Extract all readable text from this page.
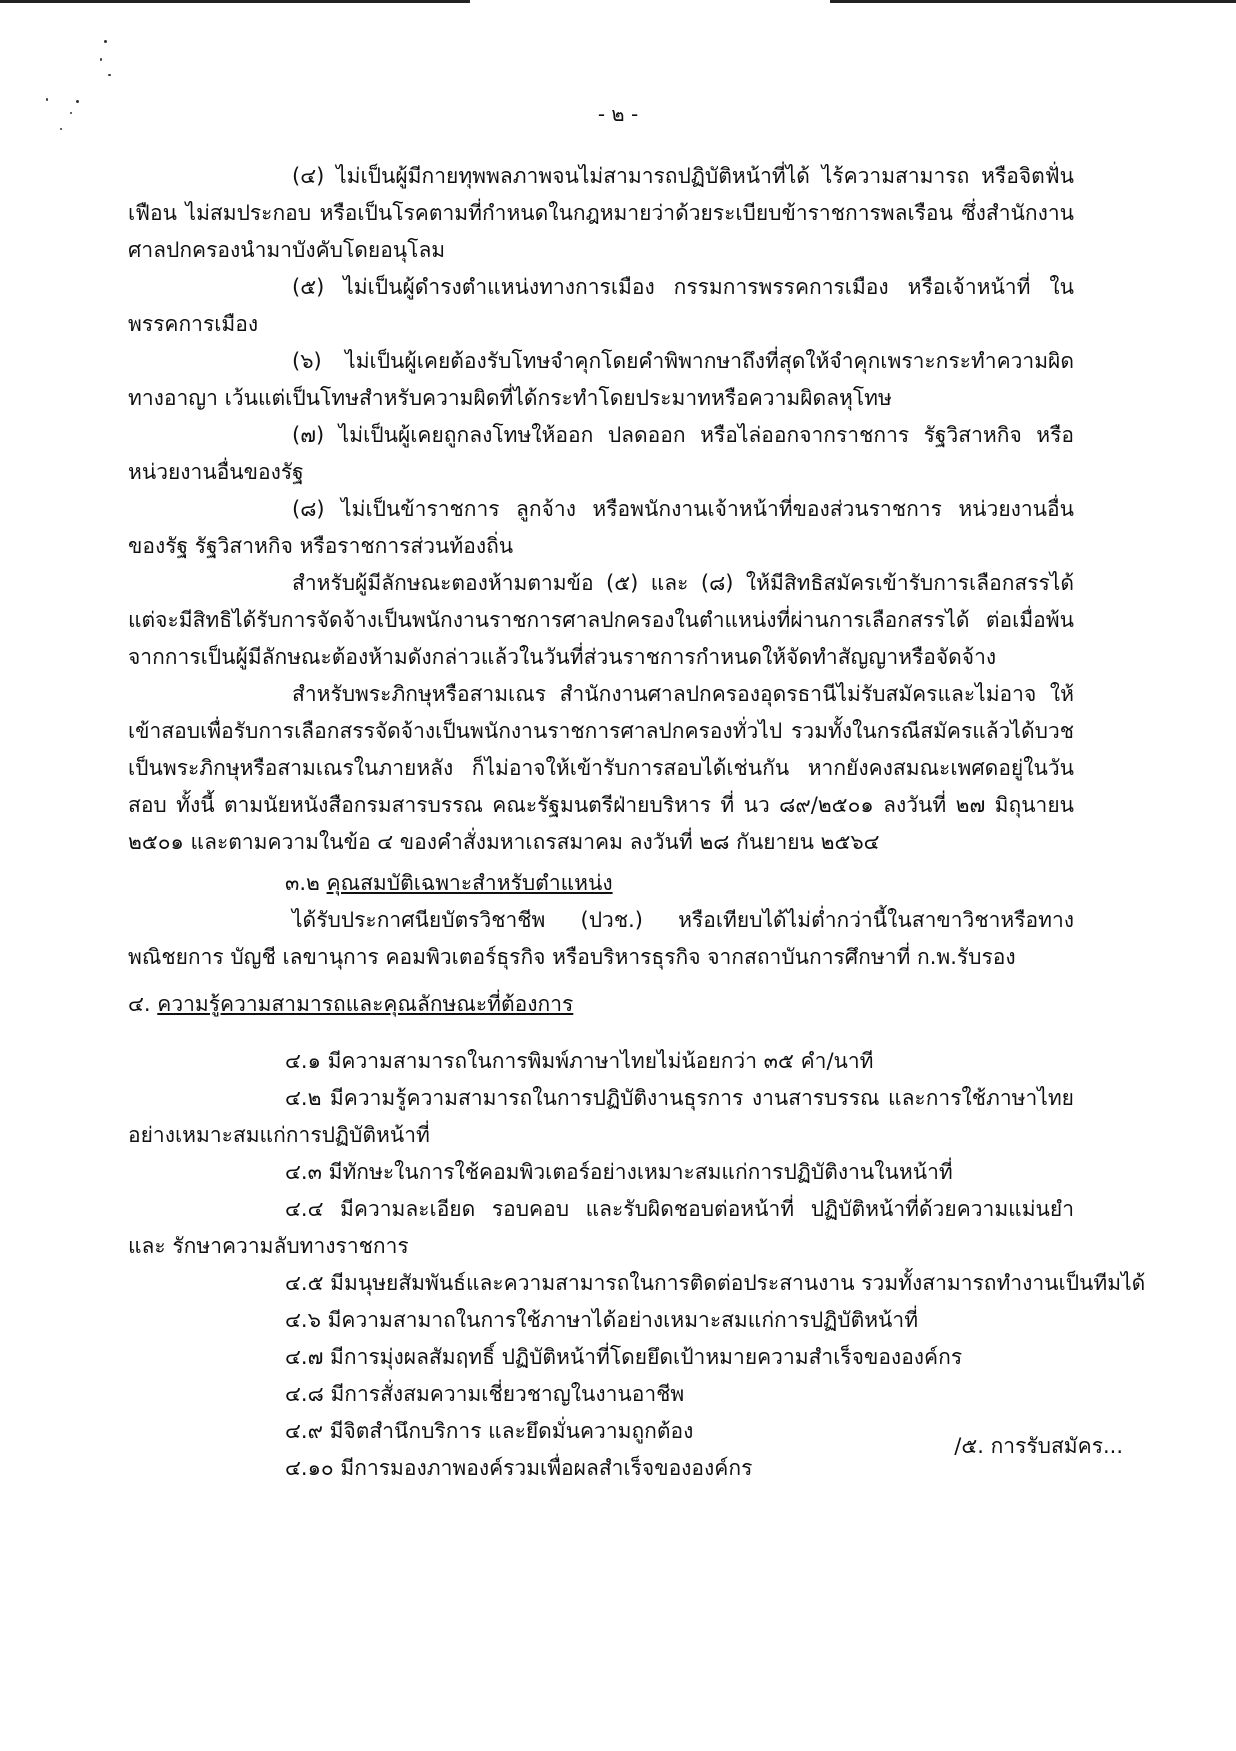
- ๒ -

(๔) ไม่เป็นผู้มีกายทุพพลภาพจนไม่สามารถปฏิบัติหน้าที่ได้ ไร้ความสามารถ หรือจิตฟั่นเฟือน ไม่สมประกอบ หรือเป็นโรคตามที่กำหนดในกฎหมายว่าด้วยระเบียบข้าราชการพลเรือน ซึ่งสำนักงานศาลปกครองนำมาบังคับโดยอนุโลม

(๕) ไม่เป็นผู้ดำรงตำแหน่งทางการเมือง กรรมการพรรคการเมือง หรือเจ้าหน้าที่ ในพรรคการเมือง

(๖) ไม่เป็นผู้เคยต้องรับโทษจำคุกโดยคำพิพากษาถึงที่สุดให้จำคุกเพราะกระทำความผิด ทางอาญา เว้นแต่เป็นโทษสำหรับความผิดที่ได้กระทำโดยประมาทหรือความผิดลหุโทษ

(๗) ไม่เป็นผู้เคยถูกลงโทษให้ออก ปลดออก หรือไล่ออกจากราชการ รัฐวิสาหกิจ หรือ หน่วยงานอื่นของรัฐ

(๘) ไม่เป็นข้าราชการ ลูกจ้าง หรือพนักงานเจ้าหน้าที่ของส่วนราชการ หน่วยงานอื่น ของรัฐ รัฐวิสาหกิจ หรือราชการส่วนท้องถิ่น

สำหรับผู้มีลักษณะตองห้ามตามข้อ (๕) และ (๘) ให้มีสิทธิสมัครเข้ารับการเลือกสรรได้ แต่จะมีสิทธิได้รับการจัดจ้างเป็นพนักงานราชการศาลปกครองในตำแหน่งที่ผ่านการเลือกสรรได้ ต่อเมื่อพ้น จากการเป็นผู้มีลักษณะต้องห้ามดังกล่าวแล้วในวันที่ส่วนราชการกำหนดให้จัดทำสัญญาหรือจัดจ้าง

สำหรับพระภิกษุหรือสามเณร สำนักงานศาลปกครองอุดรธานีไม่รับสมัครและไม่อาจ ให้เข้าสอบเพื่อรับการเลือกสรรจัดจ้างเป็นพนักงานราชการศาลปกครองทั่วไป รวมทั้งในกรณีสมัครแล้วได้บวช เป็นพระภิกษุหรือสามเณรในภายหลัง ก็ไม่อาจให้เข้ารับการสอบได้เช่นกัน หากยังคงสมณะเพศดอยู่ในวันสอบ ทั้งนี้ ตามนัยหนังสือกรมสารบรรณ คณะรัฐมนตรีฝ่ายบริหาร ที่ นว ๘๙/๒๕๐๑ ลงวันที่ ๒๗ มิถุนายน ๒๕๐๑ และตามความในข้อ ๔ ของคำสั่งมหาเถรสมาคม ลงวันที่ ๒๘ กันยายน ๒๕๖๔

๓.๒ คุณสมบัติเฉพาะสำหรับตำแหน่ง

ได้รับประกาศนียบัตรวิชาชีพ (ปวช.) หรือเทียบได้ไม่ต่ำกว่านี้ในสาขาวิชาหรือทาง พณิชยการ บัญชี เลขานุการ คอมพิวเตอร์ธุรกิจ หรือบริหารธุรกิจ จากสถาบันการศึกษาที่ ก.พ.รับรอง

๔. ความรู้ความสามารถและคุณลักษณะที่ต้องการ

๔.๑ มีความสามารถในการพิมพ์ภาษาไทยไม่น้อยกว่า ๓๕ คำ/นาที

๔.๒ มีความรู้ความสามารถในการปฏิบัติงานธุรการ งานสารบรรณ และการใช้ภาษาไทย อย่างเหมาะสมแก่การปฏิบัติหน้าที่

๔.๓ มีทักษะในการใช้คอมพิวเตอร์อย่างเหมาะสมแก่การปฏิบัติงานในหน้าที่

๔.๔ มีความละเอียด รอบคอบ และรับผิดชอบต่อหน้าที่ ปฏิบัติหน้าที่ด้วยความแม่นยำ และ รักษาความลับทางราชการ

๔.๕ มีมนุษยสัมพันธ์และความสามารถในการติดต่อประสานงาน รวมทั้งสามารถทำงานเป็นทีมได้

๔.๖ มีความสามาถในการใช้ภาษาได้อย่างเหมาะสมแก่การปฏิบัติหน้าที่

๔.๗ มีการมุ่งผลสัมฤทธิ์ ปฏิบัติหน้าที่โดยยึดเป้าหมายความสำเร็จขององค์กร

๔.๘ มีการสั่งสมความเชี่ยวชาญในงานอาชีพ

๔.๙ มีจิตสำนึกบริการ และยึดมั่นความถูกต้อง

๔.๑๐ มีการมองภาพองค์รวมเพื่อผลสำเร็จขององค์กร

/๕. การรับสมัคร...
